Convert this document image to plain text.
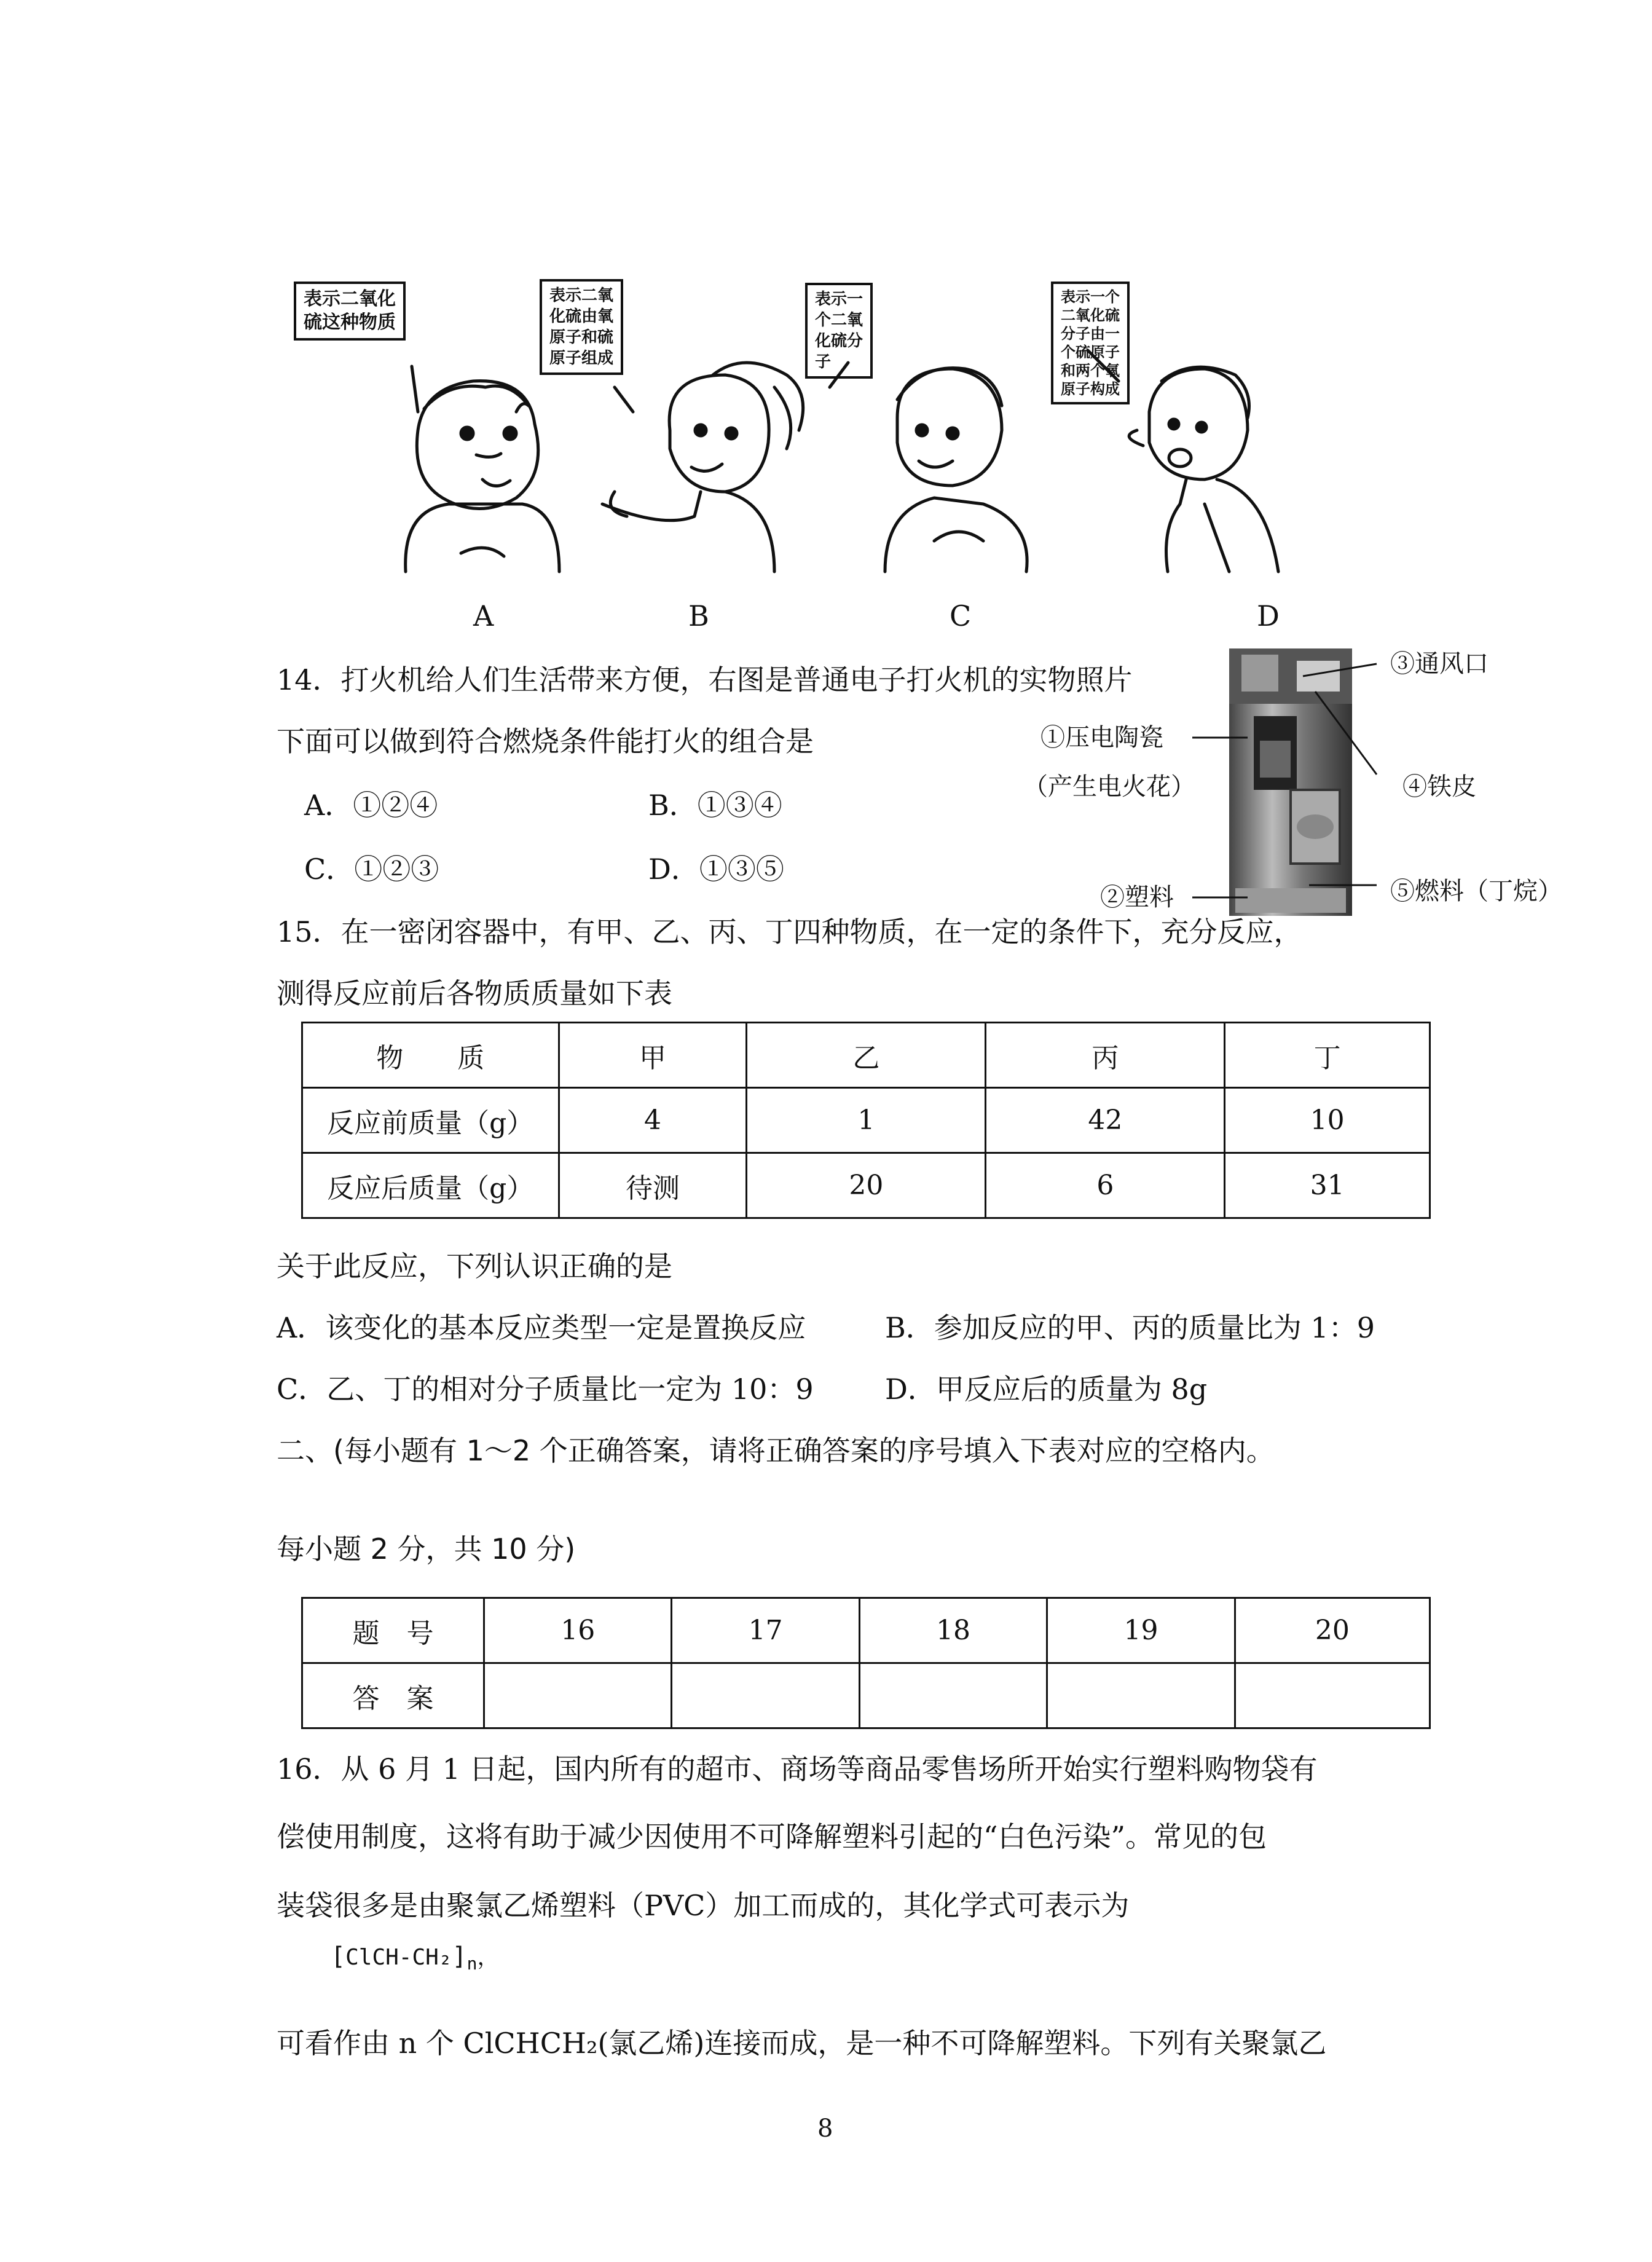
表示二氧化
硫这种物质
表示二氧
化硫由氧
原子和硫
原子组成
表示一
个二氧
化硫分
子
表示一个
二氧化硫
分子由一
个硫原子
和两个氧
原子构成
A	B	C	D
14．打火机给人们生活带来方便，右图是普通电子打火机的实物照片
下面可以做到符合燃烧条件能打火的组合是
A．①②④	B．①③④
C．①②③	D．①③⑤
③通风口
①压电陶瓷
（产生电火花）	④铁皮
②塑料	⑤燃料（丁烷）
15．在一密闭容器中，有甲、乙、丙、丁四种物质，在一定的条件下，充分反应，
测得反应前后各物质质量如下表
物　　质	甲	乙	丙	丁
反应前质量（g）	4	1	42	10
反应后质量（g）	待测	20	6	31
关于此反应，下列认识正确的是
A．该变化的基本反应类型一定是置换反应	B．参加反应的甲、丙的质量比为 1：9
C．乙、丁的相对分子质量比一定为 10：9	D．甲反应后的质量为 8g
二、(每小题有 1～2 个正确答案，请将正确答案的序号填入下表对应的空格内。
每小题 2 分，共 10 分)
题　号	16	17	18	19	20
答　案					
16．从 6 月 1 日起，国内所有的超市、商场等商品零售场所开始实行塑料购物袋有
偿使用制度，这将有助于减少因使用不可降解塑料引起的“白色污染”。常见的包
装袋很多是由聚氯乙烯塑料（PVC）加工而成的，其化学式可表示为
$[ClCH-CH_2]_n$，
可看作由 n 个 ClCHCH₂(氯乙烯)连接而成，是一种不可降解塑料。下列有关聚氯乙
8
